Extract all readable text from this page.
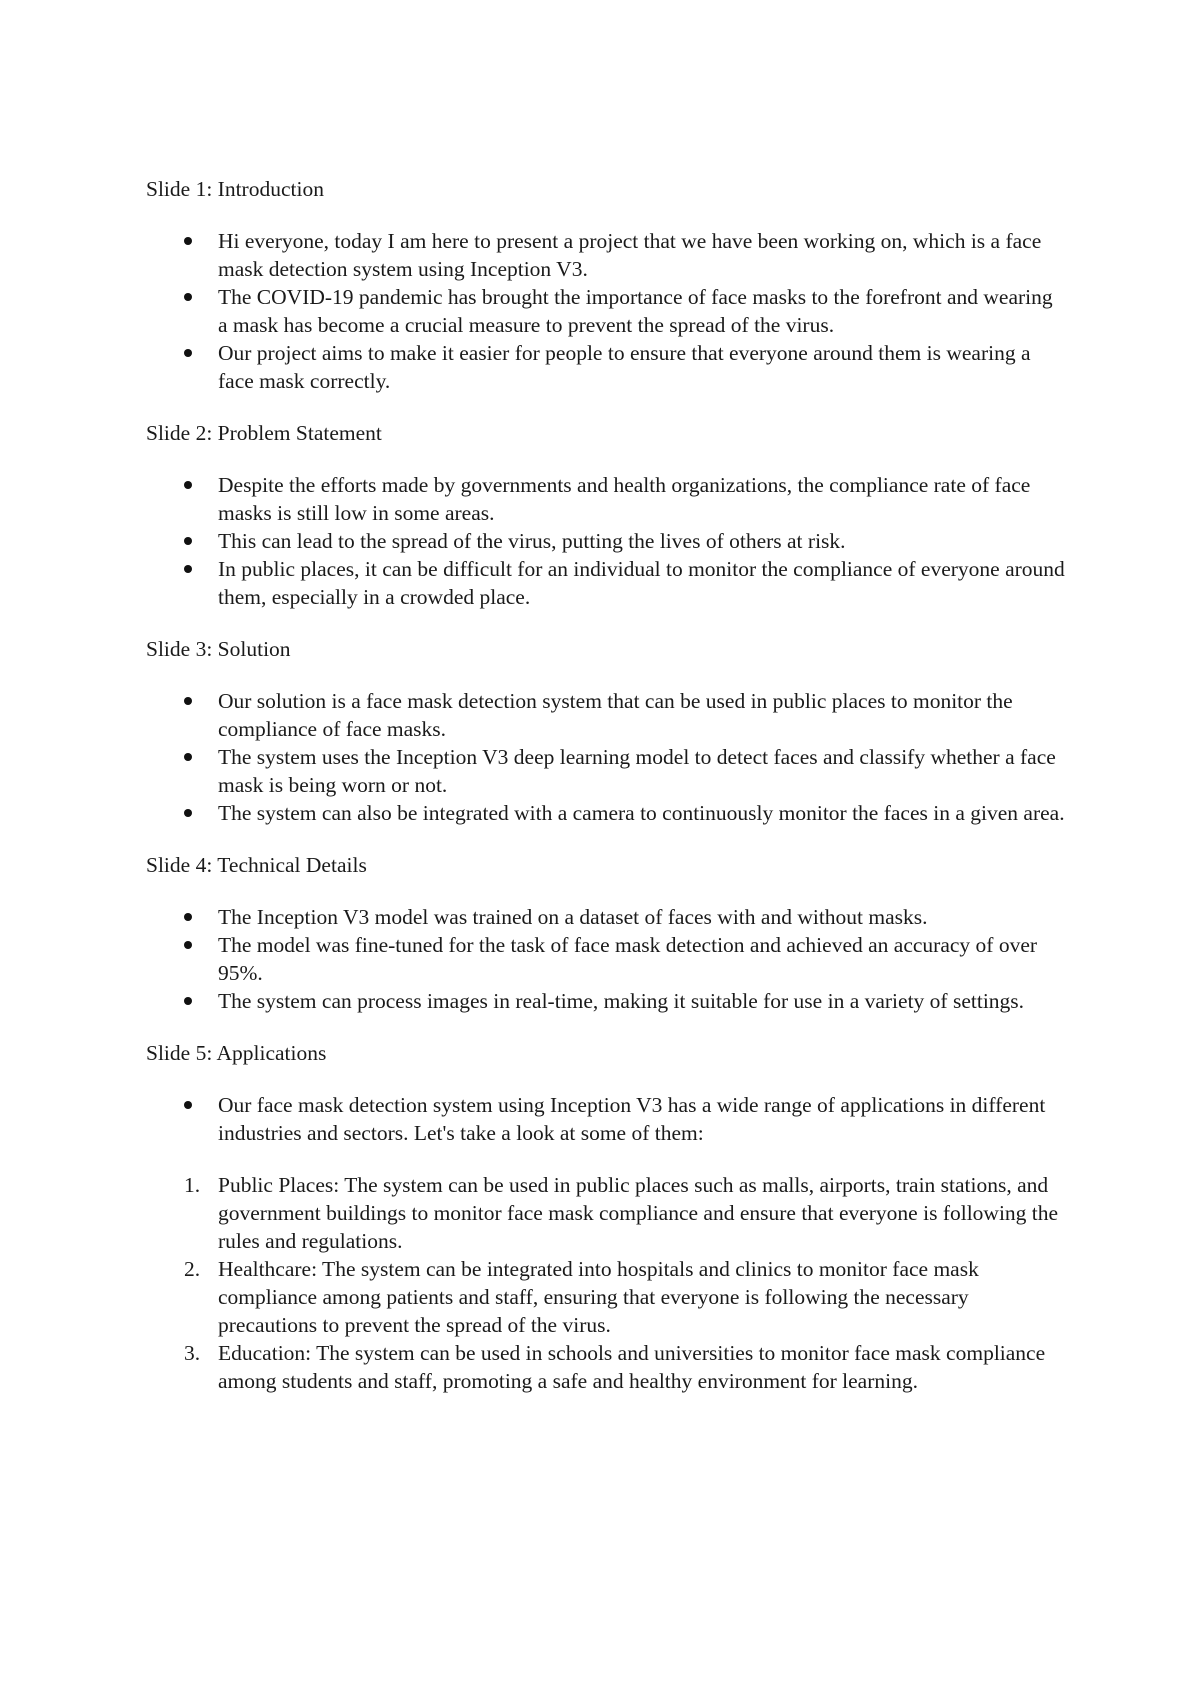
Slide 1: Introduction

Hi everyone, today I am here to present a project that we have been working on, which is a face mask detection system using Inception V3.
The COVID-19 pandemic has brought the importance of face masks to the forefront and wearing a mask has become a crucial measure to prevent the spread of the virus.
Our project aims to make it easier for people to ensure that everyone around them is wearing a face mask correctly.

Slide 2: Problem Statement

Despite the efforts made by governments and health organizations, the compliance rate of face masks is still low in some areas.
This can lead to the spread of the virus, putting the lives of others at risk.
In public places, it can be difficult for an individual to monitor the compliance of everyone around them, especially in a crowded place.

Slide 3: Solution

Our solution is a face mask detection system that can be used in public places to monitor the compliance of face masks.
The system uses the Inception V3 deep learning model to detect faces and classify whether a face mask is being worn or not.
The system can also be integrated with a camera to continuously monitor the faces in a given area.

Slide 4: Technical Details

The Inception V3 model was trained on a dataset of faces with and without masks.
The model was fine-tuned for the task of face mask detection and achieved an accuracy of over 95%.
The system can process images in real-time, making it suitable for use in a variety of settings.

Slide 5: Applications

Our face mask detection system using Inception V3 has a wide range of applications in different industries and sectors. Let's take a look at some of them:
1. Public Places: The system can be used in public places such as malls, airports, train stations, and government buildings to monitor face mask compliance and ensure that everyone is following the rules and regulations.
2. Healthcare: The system can be integrated into hospitals and clinics to monitor face mask compliance among patients and staff, ensuring that everyone is following the necessary precautions to prevent the spread of the virus.
3. Education: The system can be used in schools and universities to monitor face mask compliance among students and staff, promoting a safe and healthy environment for learning.
